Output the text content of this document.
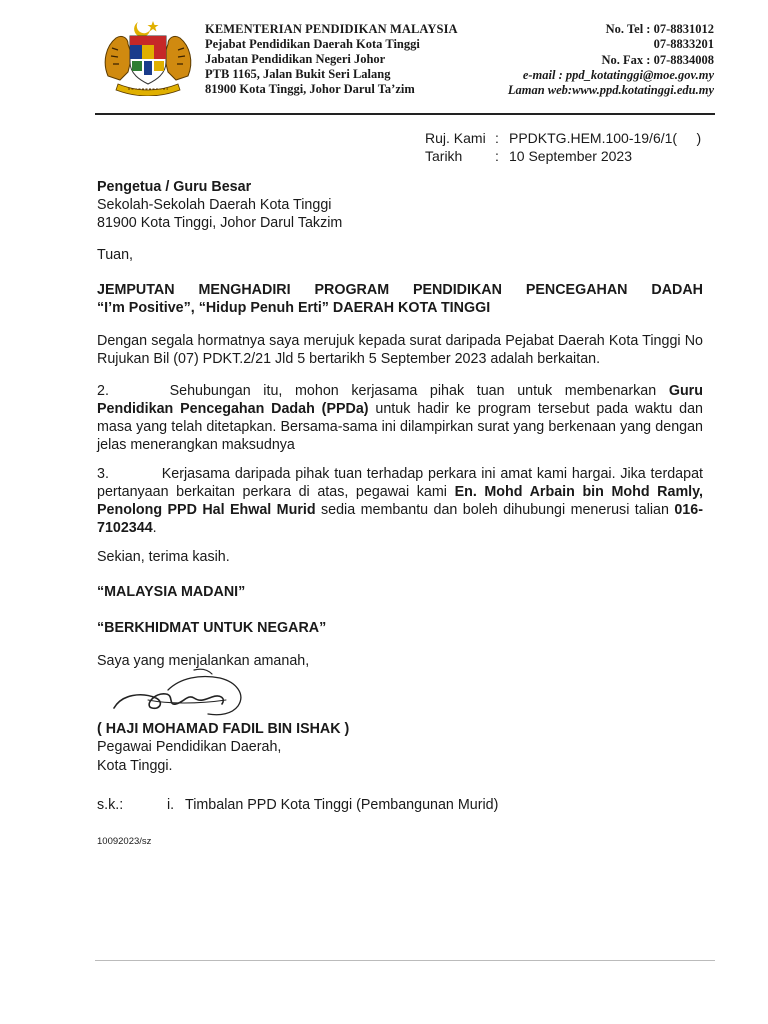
KEMENTERIAN PENDIDIKAN MALAYSIA
Pejabat Pendidikan Daerah Kota Tinggi
Jabatan Pendidikan Negeri Johor
PTB 1165, Jalan Bukit Seri Lalang
81900 Kota Tinggi, Johor Darul Ta’zim
No. Tel : 07-8831012
07-8833201
No. Fax : 07-8834008
e-mail : ppd_kotatinggi@moe.gov.my
Laman web:www.ppd.kotatinggi.edu.my
Ruj. Kami : PPDKTG.HEM.100-19/6/1(     )
Tarikh	: 10 September 2023
Pengetua / Guru Besar
Sekolah-Sekolah Daerah Kota Tinggi
81900 Kota Tinggi, Johor Darul Takzim
Tuan,
JEMPUTAN MENGHADIRI PROGRAM PENDIDIKAN PENCEGAHAN DADAH
“I’m Positive”, “Hidup Penuh Erti” DAERAH KOTA TINGGI
Dengan segala hormatnya saya merujuk kepada surat daripada Pejabat Daerah Kota Tinggi No Rujukan Bil (07) PDKT.2/21 Jld 5 bertarikh 5 September 2023 adalah berkaitan.
2.	Sehubungan itu, mohon kerjasama pihak tuan untuk membenarkan Guru Pendidikan Pencegahan Dadah (PPDa) untuk hadir ke program tersebut pada waktu dan masa yang telah ditetapkan. Bersama-sama ini dilampirkan surat yang berkenaan yang dengan jelas menerangkan maksudnya
3.	Kerjasama daripada pihak tuan terhadap perkara ini amat kami hargai. Jika terdapat pertanyaan berkaitan perkara di atas, pegawai kami En. Mohd Arbain bin Mohd Ramly, Penolong PPD Hal Ehwal Murid sedia membantu dan boleh dihubungi menerusi talian 016-7102344.
Sekian, terima kasih.
“MALAYSIA MADANI”
“BERKHIDMAT UNTUK NEGARA”
Saya yang menjalankan amanah,
( HAJI MOHAMAD FADIL BIN ISHAK )
Pegawai Pendidikan Daerah,
Kota Tinggi.
s.k.:	i. Timbalan PPD Kota Tinggi (Pembangunan Murid)
10092023/sz
